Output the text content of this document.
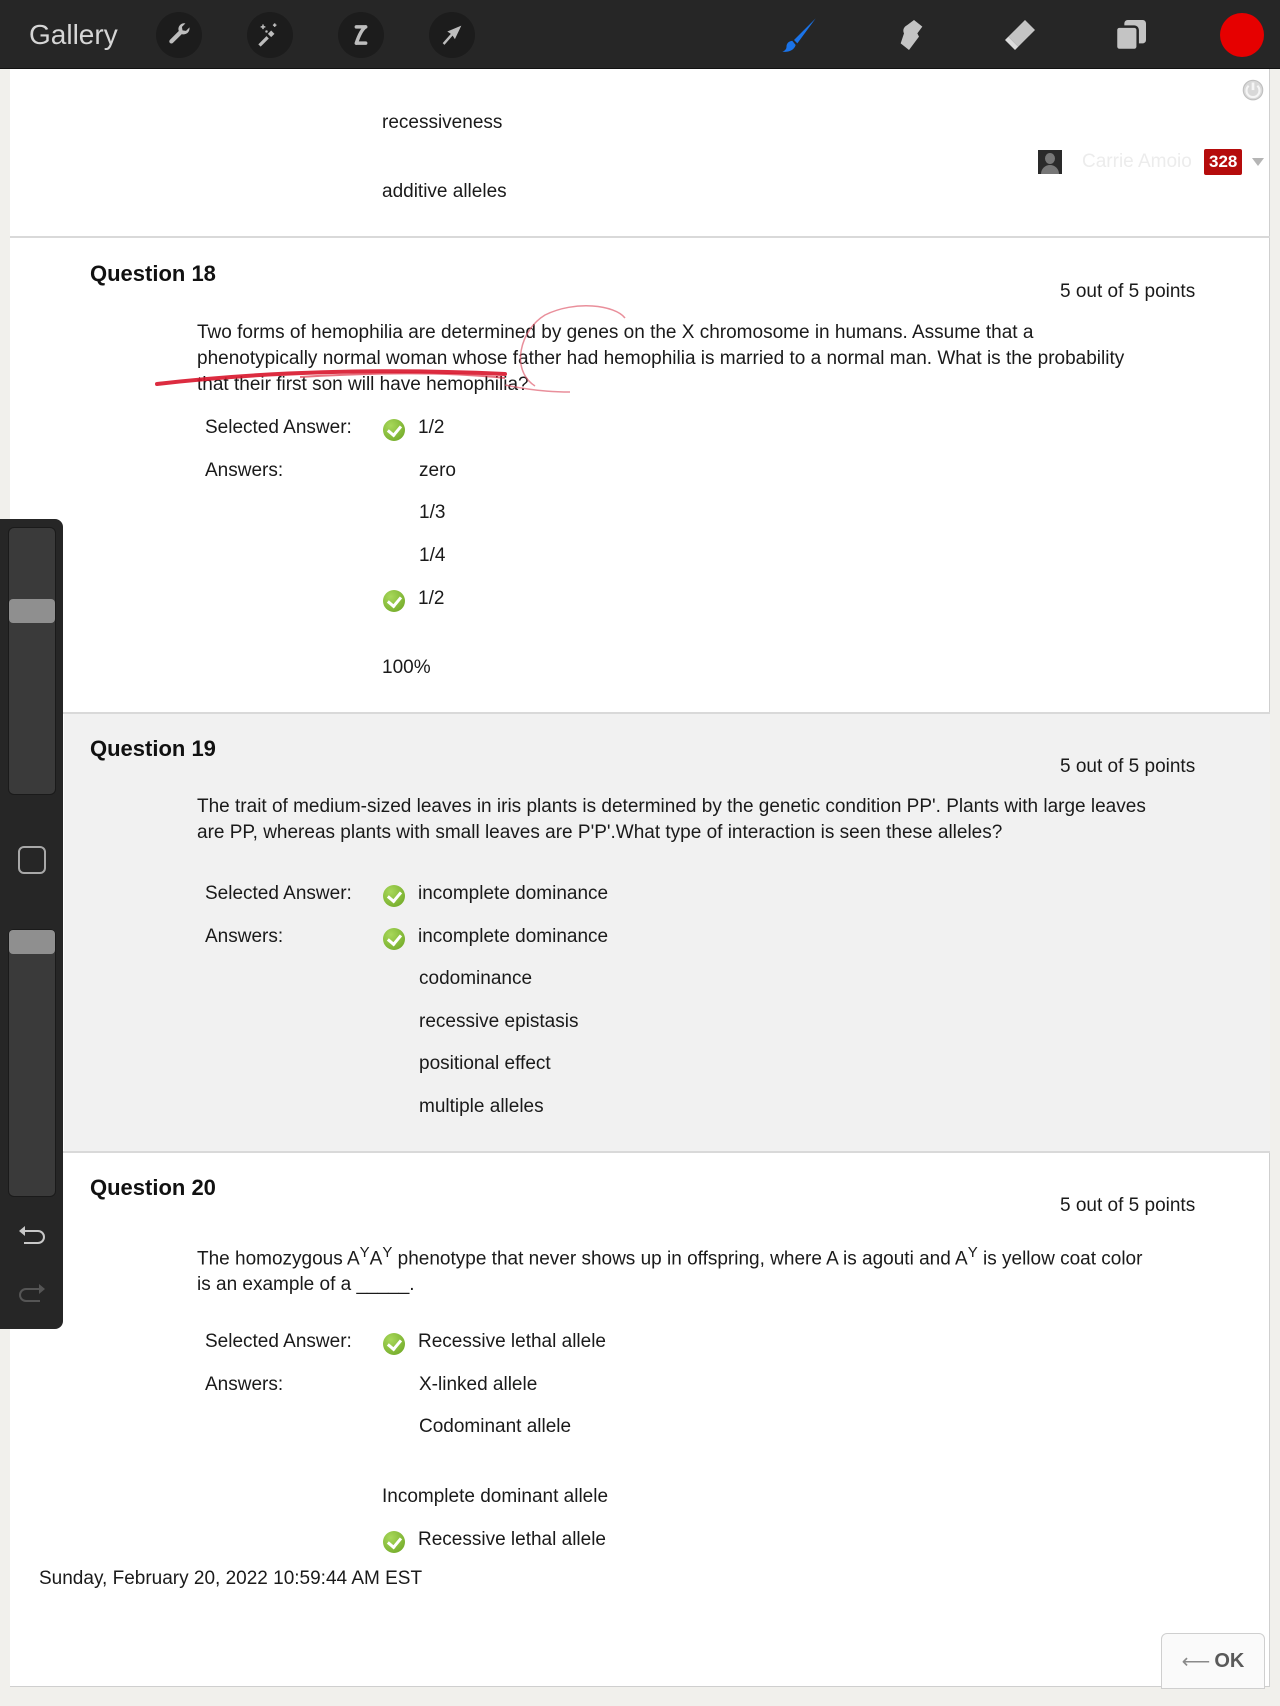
Gallery
Carrie Amoio	328
recessiveness
additive alleles
Question 18
5 out of 5 points
Two forms of hemophilia are determined by genes on the X chromosome in humans. Assume that a
phenotypically normal woman whose father had hemophilia is married to a normal man. What is the probability
that their first son will have hemophilia?
Selected Answer:	1/2
Answers:	zero
1/3
1/4
1/2
100%
Question 19
5 out of 5 points
The trait of medium-sized leaves in iris plants is determined by the genetic condition PP'. Plants with large leaves
are PP, whereas plants with small leaves are P'P'.What type of interaction is seen these alleles?
Selected Answer:	incomplete dominance
Answers:	incomplete dominance
codominance
recessive epistasis
positional effect
multiple alleles
Question 20
5 out of 5 points
The homozygous $A^YA^Y$ phenotype that never shows up in offspring, where A is agouti and $A^Y$ is yellow coat color
is an example of a _____.
Selected Answer:	Recessive lethal allele
Answers:	X-linked allele
Codominant allele
Incomplete dominant allele
Recessive lethal allele
Sunday, February 20, 2022 10:59:44 AM EST
⟵ OK
